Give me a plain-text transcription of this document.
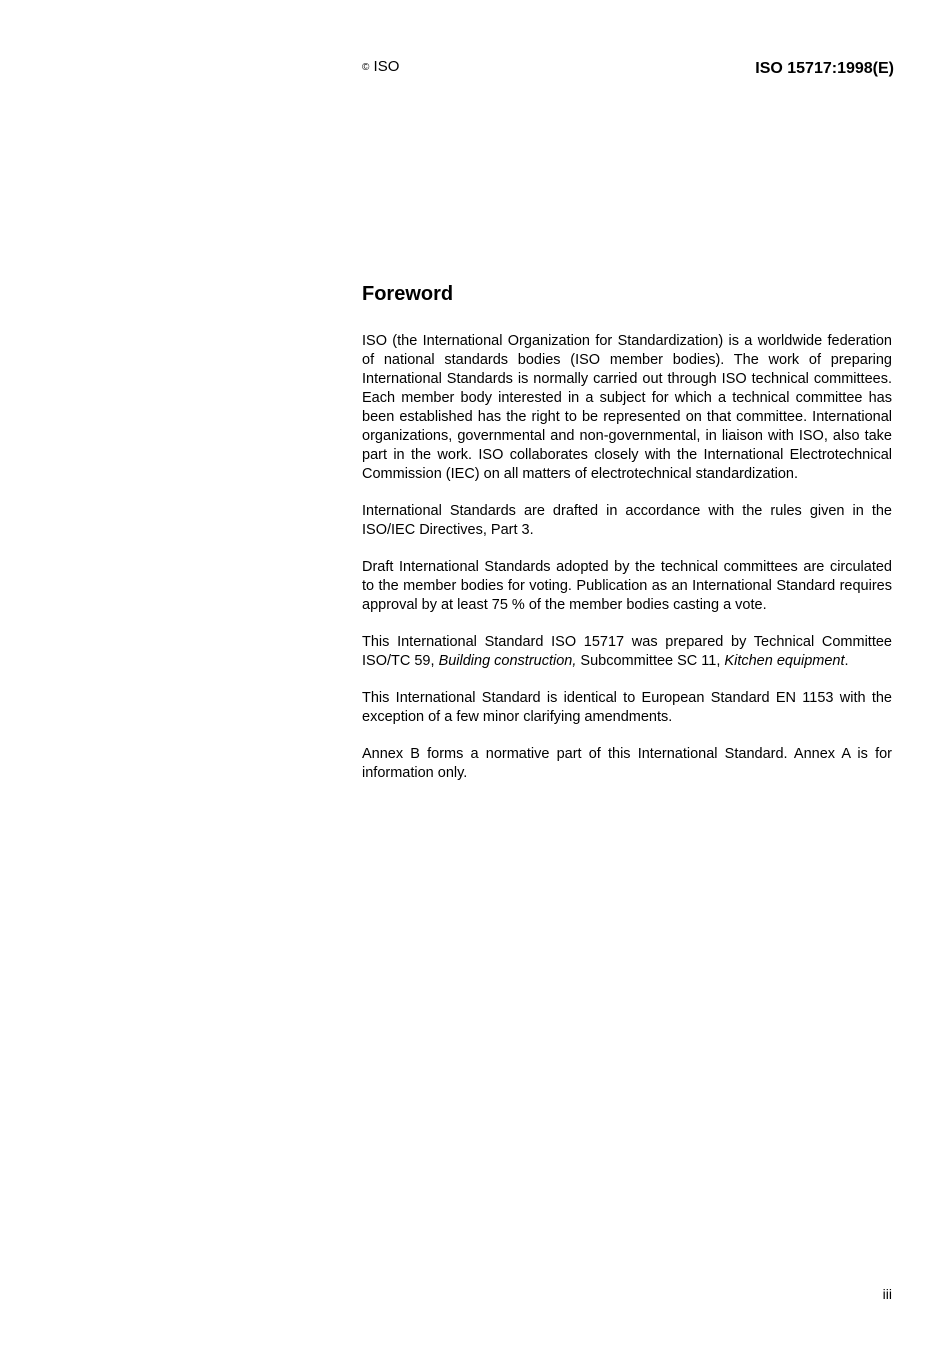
© ISO	ISO 15717:1998(E)
Foreword

ISO (the International Organization for Standardization) is a worldwide federation of national standards bodies (ISO member bodies). The work of preparing International Standards is normally carried out through ISO technical committees. Each member body interested in a subject for which a technical committee has been established has the right to be represented on that committee. International organizations, governmental and non-governmental, in liaison with ISO, also take part in the work. ISO collaborates closely with the International Electrotechnical Commission (IEC) on all matters of electrotechnical standardization.

International Standards are drafted in accordance with the rules given in the ISO/IEC Directives, Part 3.

Draft International Standards adopted by the technical committees are circulated to the member bodies for voting. Publication as an International Standard requires approval by at least 75 % of the member bodies casting a vote.

This International Standard ISO 15717 was prepared by Technical Committee ISO/TC 59, Building construction, Subcommittee SC 11, Kitchen equipment.

This International Standard is identical to European Standard EN 1153 with the exception of a few minor clarifying amendments.

Annex B forms a normative part of this International Standard. Annex A is for information only.

iii
